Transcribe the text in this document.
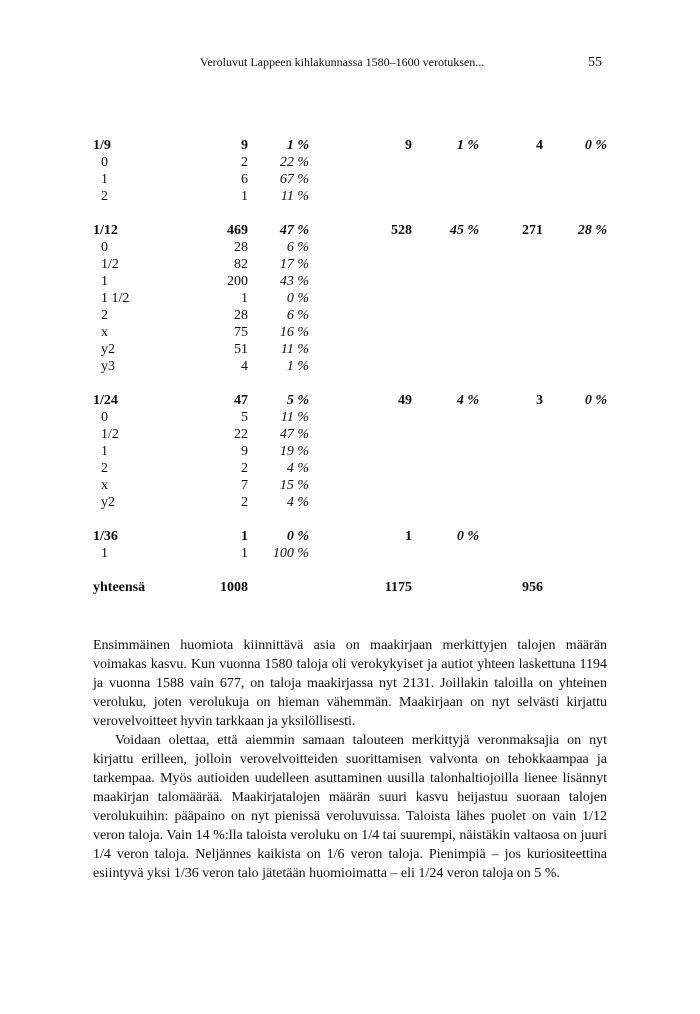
Veroluvut Lappeen kihlakunnassa 1580–1600 verotuksen...	55
1/9	9	1 %	9	1 %	4	0 %
0	2 22 %
1	6 67 %
2	1 11 %
1/12	469 47 %	528	45 %	271 28 %
0	28	6 %
1/2	82 17 %
1	200 43 %
1 1/2	1	0 %
2	28	6 %
x	75 16 %
y2	51 11 %
y3	4	1 %
1/24	47	5 %	49	4 %	3	0 %
0	5 11 %
1/2	22 47 %
1	9 19 %
2	2	4 %
x	7 15 %
y2	2	4 %
1/36	1	0 %	1	0 %
1	1 100 %
yhteensä	1008	1175	956

Ensimmäinen huomiota kiinnittävä asia on maakirjaan merkittyjen talojen määrän voimakas kasvu. Kun vuonna 1580 taloja oli verokykyiset ja autiot yhteen laskettuna 1194 ja vuonna 1588 vain 677, on taloja maakirjassa nyt 2131. Joillakin taloilla on yhteinen veroluku, joten verolukuja on hieman vähemmän. Maakirjaan on nyt selvästi kirjattu verovelvoitteet hyvin tarkkaan ja yksilöllisesti.

Voidaan olettaa, että aiemmin samaan talouteen merkittyjä veronmaksajia on nyt kirjattu erilleen, jolloin verovelvoitteiden suorittamisen valvonta on tehokkaampaa ja tarkempaa. Myös autioiden uudelleen asuttaminen uusilla talonhaltiojoilla lienee lisännyt maakirjan talomäärää. Maakirjatalojen määrän suuri kasvu heijastuu suoraan talojen verolukuihin: pääpaino on nyt pienissä veroluvuissa. Taloista lähes puolet on vain 1/12 veron taloja. Vain 14 %:lla taloista veroluku on 1/4 tai suurempi, näistäkin valtaosa on juuri 1/4 veron taloja. Neljännes kaikista on 1/6 veron taloja. Pienimpiä – jos kuriositeettina esiintyvä yksi 1/36 veron talo jätetään huomioimatta – eli 1/24 veron taloja on 5 %.
